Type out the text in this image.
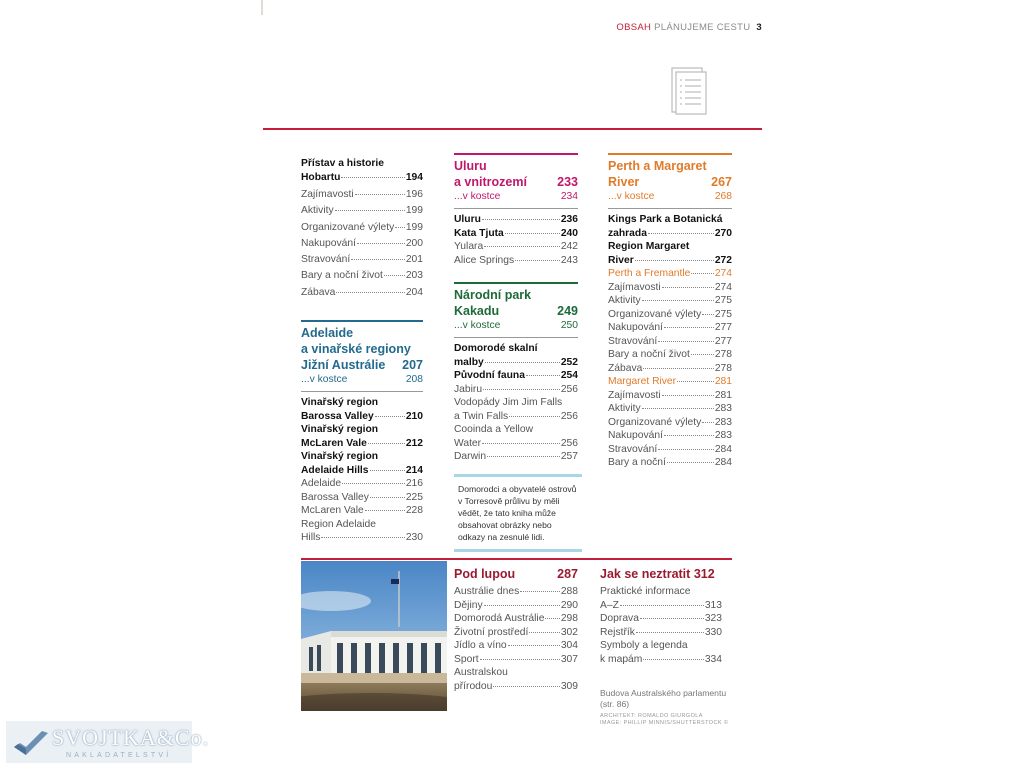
OBSAH PLÁNUJEME CESTU 3
Přístav a historie
Hobartu	194
Zajímavosti	196
Aktivity	199
Organizované výlety 199
Nakupování	200
Stravování	201
Bary a noční život 203
Zábava	204
Adelaide
a vinařské regiony
Jižní Austrálie 207
...v kostce	208
Vinařský region
Barossa Valley	210
Vinařský region
McLaren Vale	212
Vinařský region
Adelaide Hills	214
Adelaide	216
Barossa Valley	225
McLaren Vale	228
Region Adelaide
Hills	230
Uluru
a vnitrozemí 233
...v kostce	234
Uluru	236
Kata Tjuta	240
Yulara	242
Alice Springs	243
Národní park
Kakadu	249
...v kostce	250
Domorodé skalní
malby	252
Původní fauna	254
Jabiru	256
Vodopády Jim Jim Falls
a Twin Falls	256
Cooinda a Yellow
Water	256
Darwin	257
Domorodci a obyvatelé ostrovů v Torresově průlivu by měli vědět, že tato kniha může obsahovat obrázky nebo odkazy na zesnulé lidi.
Perth a Margaret
River	267
...v kostce	268
Kings Park a Botanická
zahrada	270
Region Margaret
River	272
Perth a Fremantle 274
Zajímavosti	274
Aktivity	275
Organizované výlety 275
Nakupování	277
Stravování	277
Bary a noční život 278
Zábava	278
Margaret River	281
Zajímavosti	281
Aktivity	283
Organizované výlety 283
Nakupování	283
Stravování	284
Bary a noční	284
Pod lupou	287
Austrálie dnes	288
Dějiny	290
Domorodá Austrálie 298
Životní prostředí	302
Jídlo a víno	304
Sport	307
Australskou
přírodou	309
Jak se neztratit 312
Praktické informace
A–Z	313
Doprava	323
Rejstřík	330
Symboly a legenda
k mapám	334
Budova Australského parlamentu (str. 86)
ARCHITEKT: ROMALDO GIURGOLA
IMAGE: PHILLIP MINNIS/SHUTTERSTOCK ©
SVOJTKA&Co.
NAKLADATELSTVÍ
